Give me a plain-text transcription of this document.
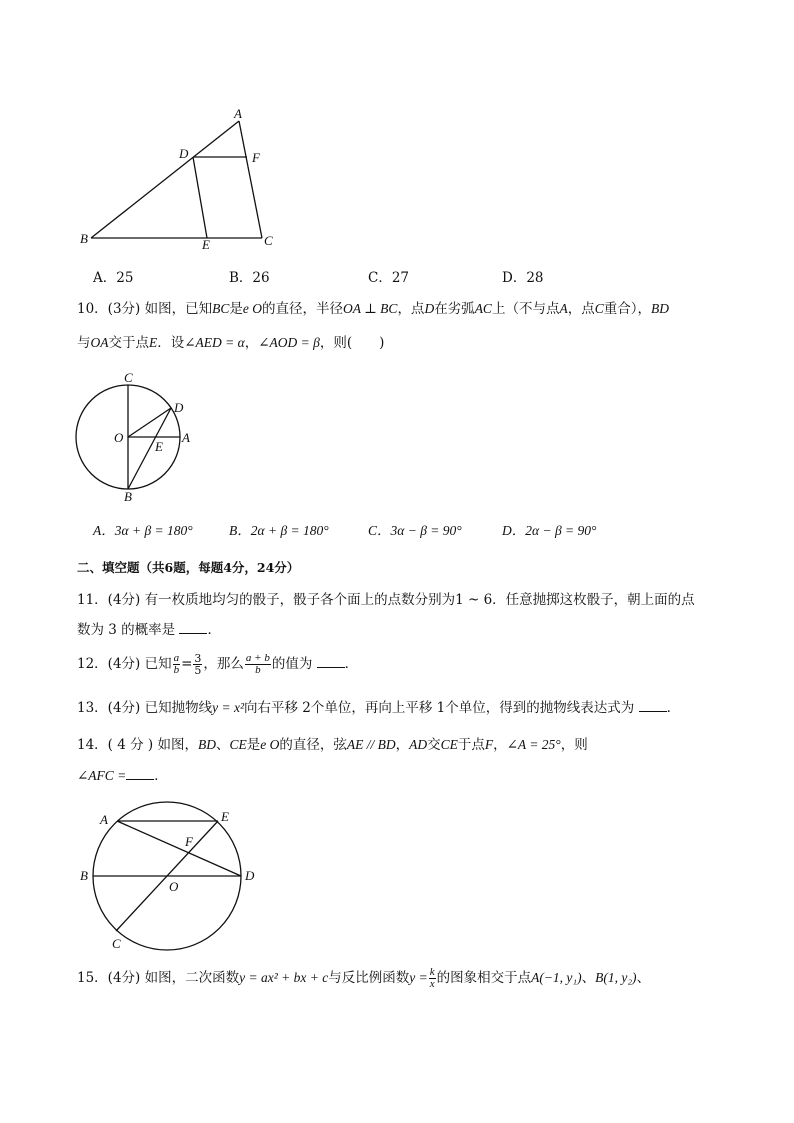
A
D	F
B	E	C
A．25	B．26	C．27	D．28
10．(3分) 如图，已知BC是e O的直径，半径OA ⊥ BC，点D在劣弧AC上（不与点A，点C重合），BD
与OA交于点E．设∠AED = α，∠AOD = β，则(　　)
C
D
O	A
E
B
A．3α + β = 180°	B．2α + β = 180°	C．3α − β = 90°	D．2α − β = 90°
二、填空题（共6题，每题4分，24分）
11．(4分) 有一枚质地均匀的骰子，骰子各个面上的点数分别为1 ~ 6．任意抛掷这枚骰子，朝上面的点
数为 3 的概率是 ．
12．(4分) 已知 $\frac{a}{b} = \frac{3}{5}$ ，那么 $\frac{a + b}{b}$ 的值为 ．
13．(4分) 已知抛物线y = x²向右平移 2个单位，再向上平移 1个单位，得到的抛物线表达式为 ．
14．( 4 分 ) 如图，BD、CE是e O的直径，弦AE // BD，AD交CE于点F，∠A = 25°，则
∠AFC = ．
A	E
F
B
O
D
C
15．(4分) 如图，二次函数y = ax² + bx + c与反比例函数$y = \frac{k}{x}$ 的图象相交于点A(−1, y₁)、B(1, y₂)、
